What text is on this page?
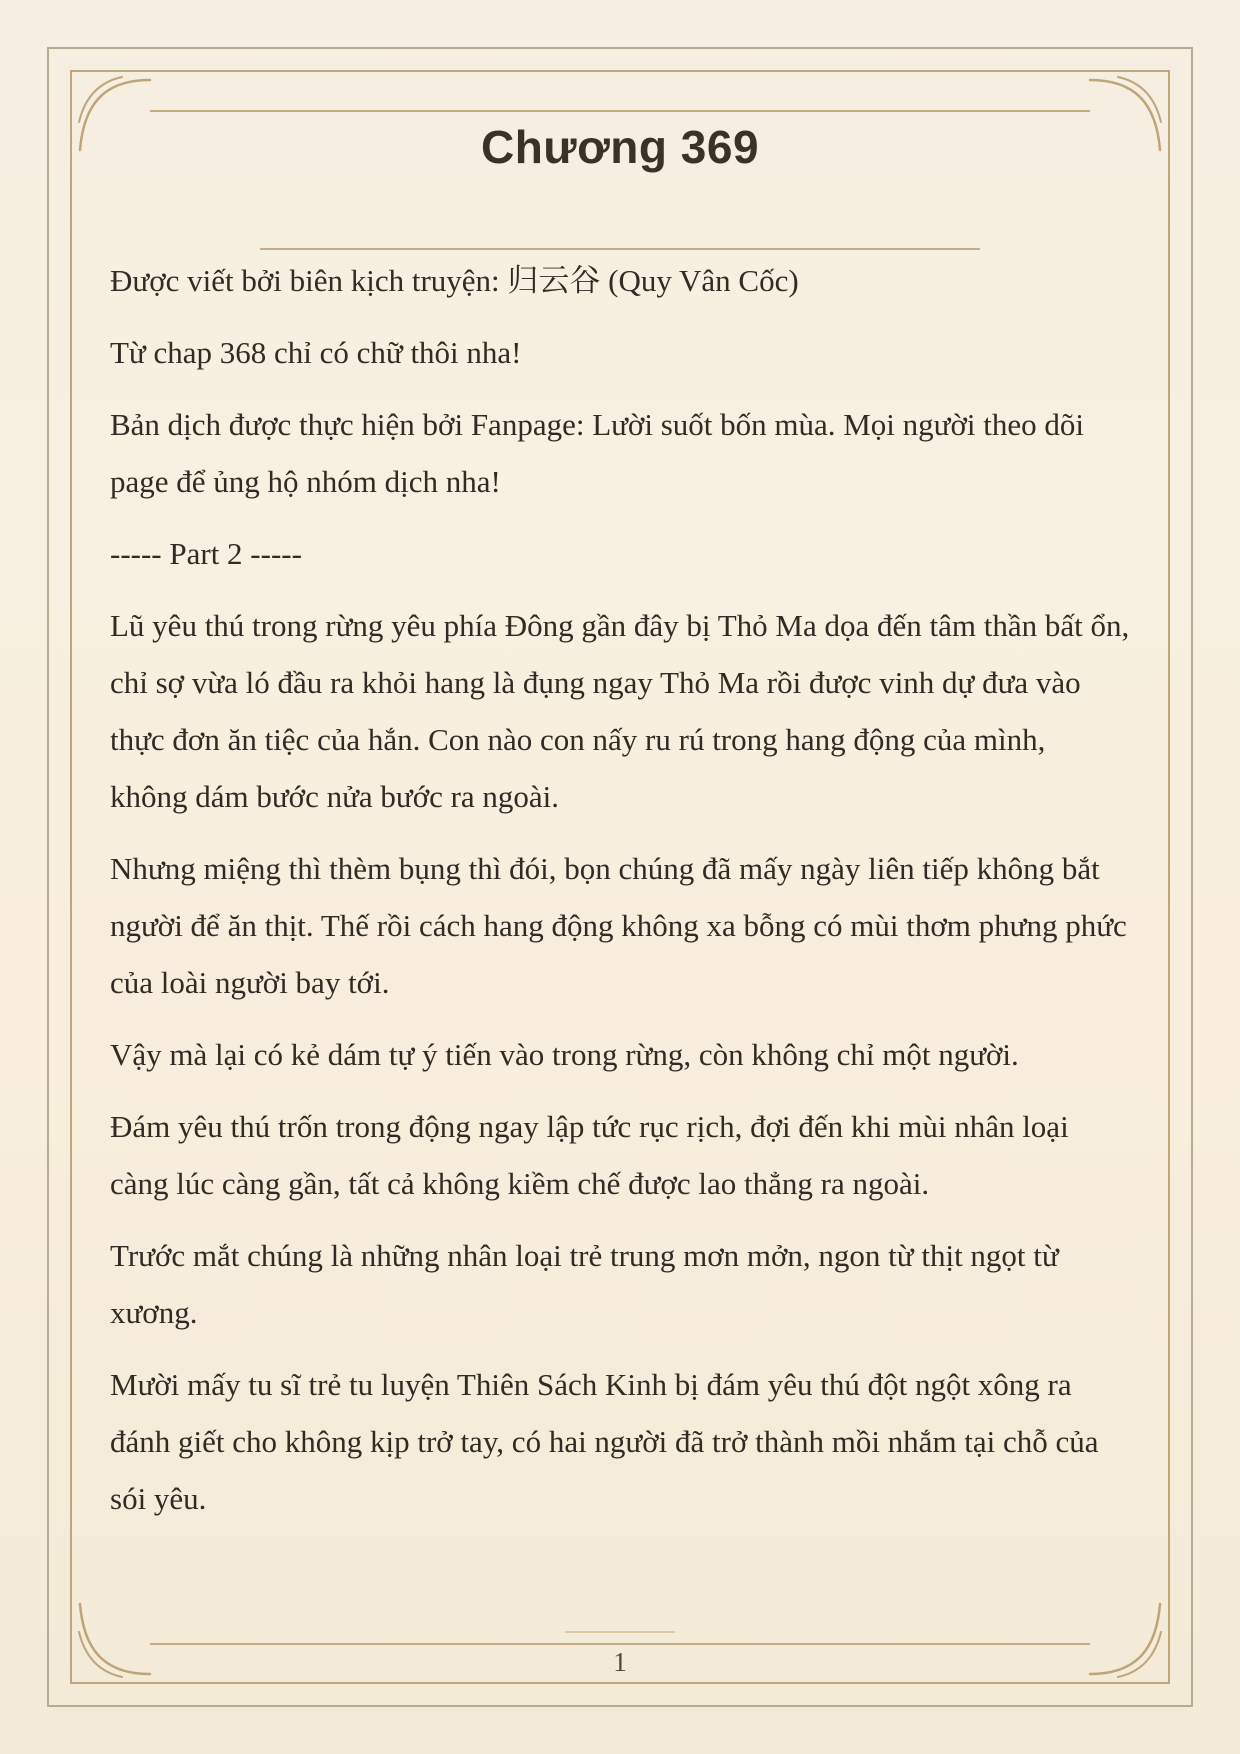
Chương 369

Được viết bởi biên kịch truyện: 归云谷 (Quy Vân Cốc)

Từ chap 368 chỉ có chữ thôi nha!

Bản dịch được thực hiện bởi Fanpage: Lười suốt bốn mùa. Mọi người theo dõi page để ủng hộ nhóm dịch nha!

----- Part 2 -----

Lũ yêu thú trong rừng yêu phía Đông gần đây bị Thỏ Ma dọa đến tâm thần bất ổn, chỉ sợ vừa ló đầu ra khỏi hang là đụng ngay Thỏ Ma rồi được vinh dự đưa vào thực đơn ăn tiệc của hắn. Con nào con nấy ru rú trong hang động của mình, không dám bước nửa bước ra ngoài.

Nhưng miệng thì thèm bụng thì đói, bọn chúng đã mấy ngày liên tiếp không bắt người để ăn thịt. Thế rồi cách hang động không xa bỗng có mùi thơm phưng phức của loài người bay tới.

Vậy mà lại có kẻ dám tự ý tiến vào trong rừng, còn không chỉ một người.

Đám yêu thú trốn trong động ngay lập tức rục rịch, đợi đến khi mùi nhân loại càng lúc càng gần, tất cả không kiềm chế được lao thẳng ra ngoài.

Trước mắt chúng là những nhân loại trẻ trung mơn mởn, ngon từ thịt ngọt từ xương.

Mười mấy tu sĩ trẻ tu luyện Thiên Sách Kinh bị đám yêu thú đột ngột xông ra đánh giết cho không kịp trở tay, có hai người đã trở thành mồi nhắm tại chỗ của sói yêu.

1
